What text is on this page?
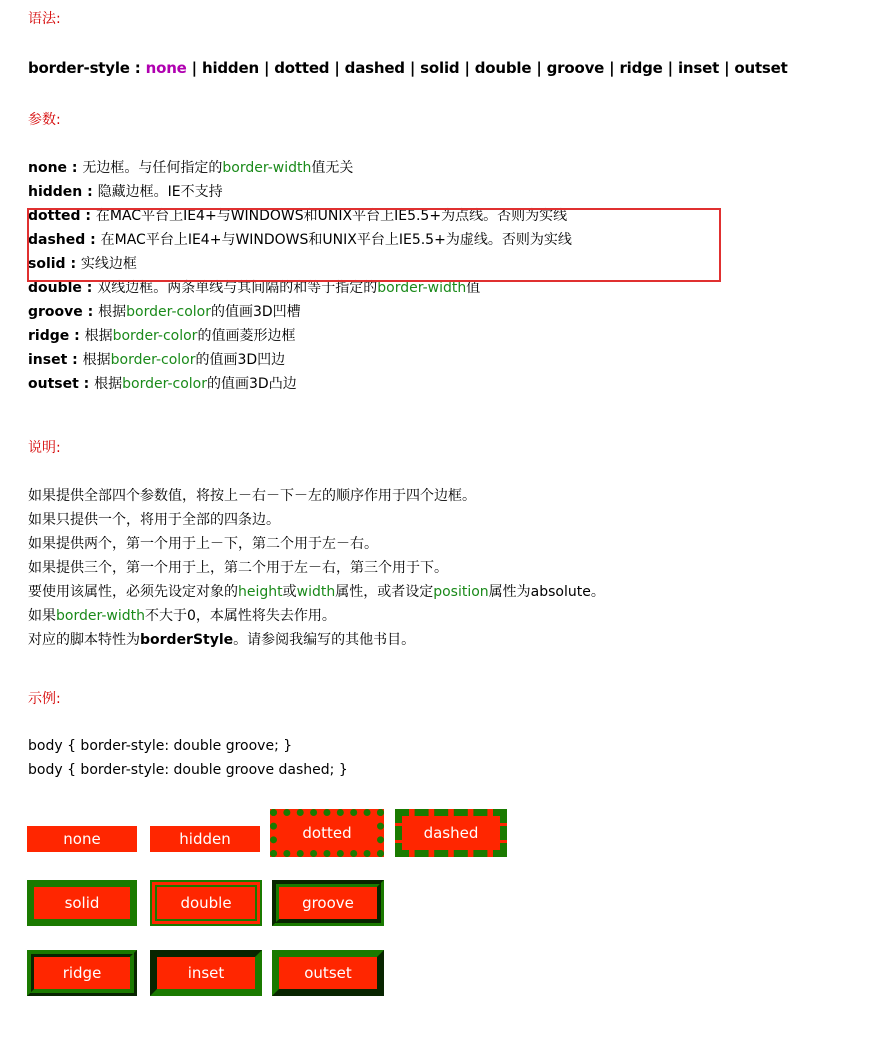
语法:
border-style : none | hidden | dotted | dashed | solid | double | groove | ridge | inset | outset
参数:
none : 无边框。与任何指定的border-width值无关
hidden : 隐藏边框。IE不支持
dotted : 在MAC平台上IE4+与WINDOWS和UNIX平台上IE5.5+为点线。否则为实线
dashed : 在MAC平台上IE4+与WINDOWS和UNIX平台上IE5.5+为虚线。否则为实线
solid : 实线边框
double : 双线边框。两条单线与其间隔的和等于指定的border-width值
groove : 根据border-color的值画3D凹槽
ridge : 根据border-color的值画菱形边框
inset : 根据border-color的值画3D凹边
outset : 根据border-color的值画3D凸边
说明:
如果提供全部四个参数值，将按上－右－下－左的顺序作用于四个边框。
如果只提供一个，将用于全部的四条边。
如果提供两个，第一个用于上－下，第二个用于左－右。
如果提供三个，第一个用于上，第二个用于左－右，第三个用于下。
要使用该属性，必须先设定对象的height或width属性，或者设定position属性为absolute。
如果border-width不大于0，本属性将失去作用。
对应的脚本特性为borderStyle。请参阅我编写的其他书目。
示例:
body { border-style: double groove; }
body { border-style: double groove dashed; }
none	hidden	dotted	dashed
solid	double	groove
ridge	inset	outset
